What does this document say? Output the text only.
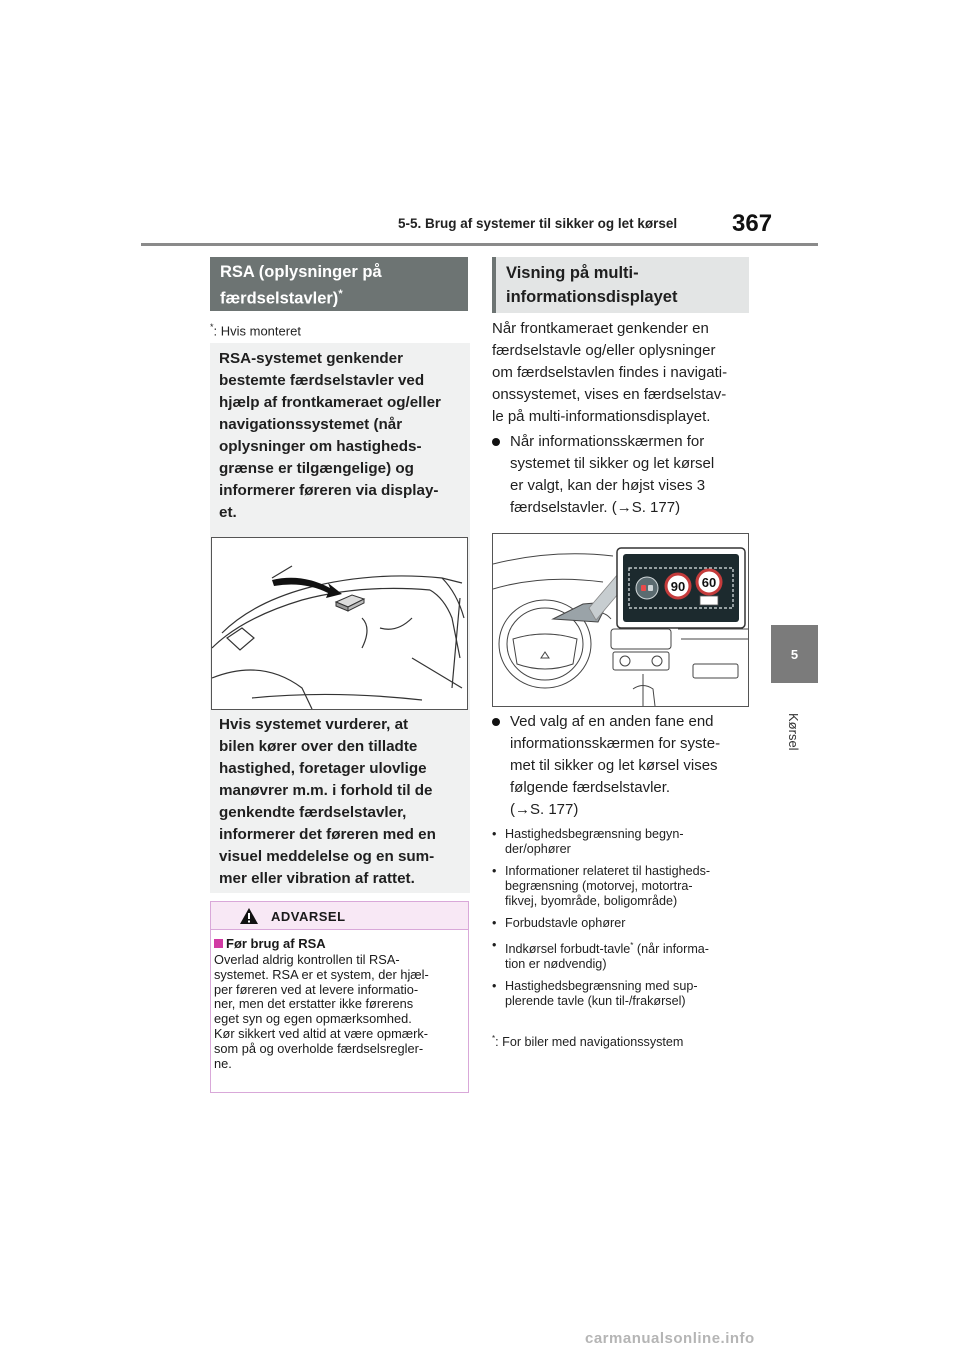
5-5. Brug af systemer til sikker og let kørsel 367
5
Kørsel
RSA (oplysninger på
færdselstavler)*
*: Hvis monteret
RSA-systemet genkender
bestemte færdselstavler ved
hjælp af frontkameraet og/eller
navigationssystemet (når
oplysninger om hastigheds-
grænse er tilgængelige) og
informerer føreren via display-
et.
Hvis systemet vurderer, at
bilen kører over den tilladte
hastighed, foretager ulovlige
manøvrer m.m. i forhold til de
genkendte færdselstavler,
informerer det føreren med en
visuel meddelelse og en sum-
mer eller vibration af rattet.
ADVARSEL
Før brug af RSA
Overlad aldrig kontrollen til RSA-
systemet. RSA er et system, der hjæl-
per føreren ved at levere informatio-
ner, men det erstatter ikke førerens
eget syn og egen opmærksomhed.
Kør sikkert ved altid at være opmærk-
som på og overholde færdselsregler-
ne.
Visning på multi-
informationsdisplayet
Når frontkameraet genkender en
færdselstavle og/eller oplysninger
om færdselstavlen findes i navigati-
onssystemet, vises en færdselstav-
le på multi-informationsdisplayet.
Når informationsskærmen for
systemet til sikker og let kørsel
er valgt, kan der højst vises 3
færdselstavler. (→S. 177)
90 60
Ved valg af en anden fane end
informationsskærmen for syste-
met til sikker og let kørsel vises
følgende færdselstavler.
(→S. 177)
• Hastighedsbegrænsning begyn-
der/ophører
• Informationer relateret til hastigheds-
begrænsning (motorvej, motortra-
fikvej, byområde, boligområde)
• Forbudstavle ophører
• Indkørsel forbudt-tavle* (når informa-
tion er nødvendig)
• Hastighedsbegrænsning med sup-
plerende tavle (kun til-/frakørsel)
*: For biler med navigationssystem
carmanualsonline.info
